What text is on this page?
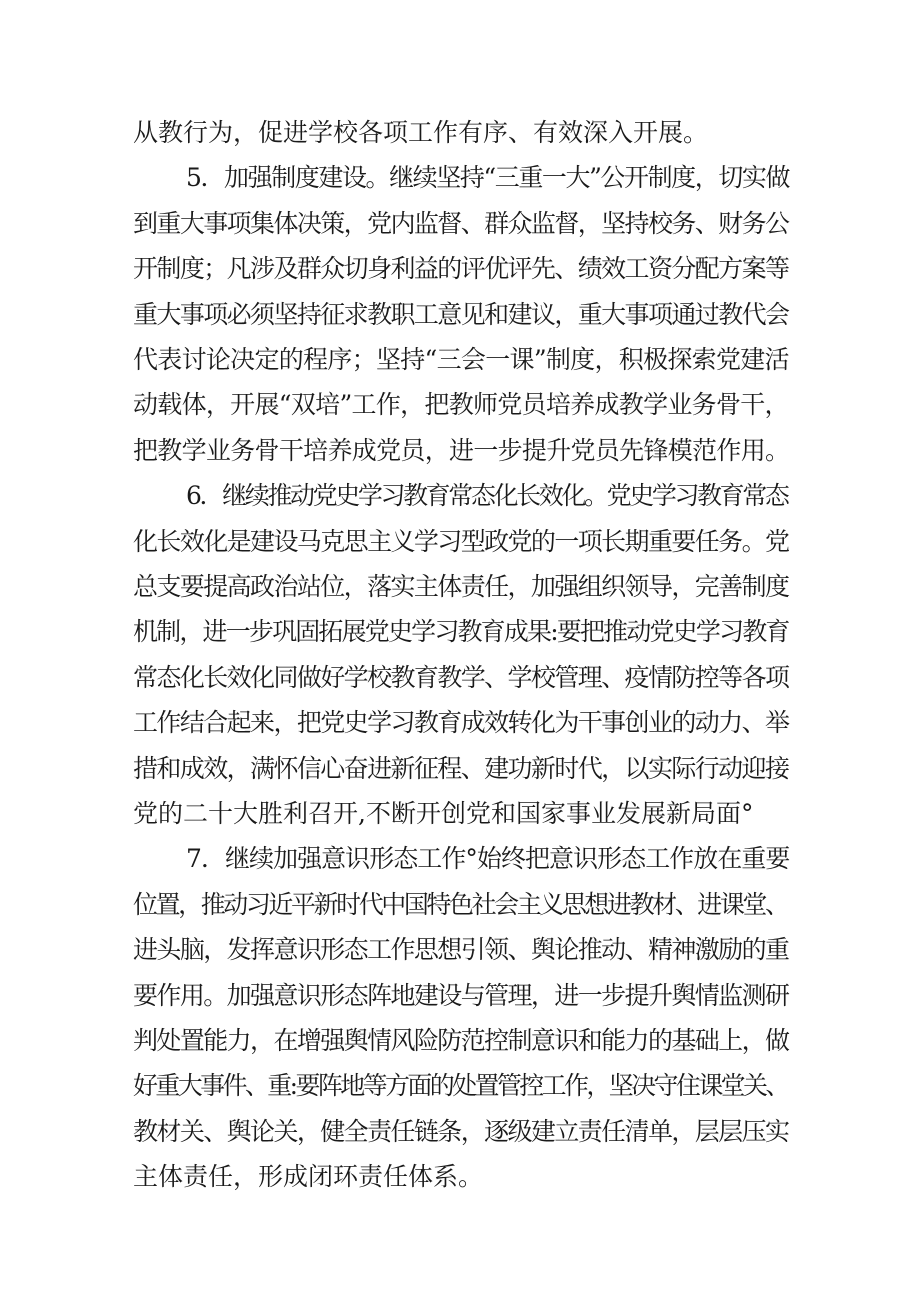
从教行为，促进学校各项工作有序、有效深入开展。

5．加强制度建设。继续坚持“三重一大”公开制度，切实做

到重大事项集体决策，党内监督、群众监督，坚持校务、财务公

开制度；凡涉及群众切身利益的评优评先、绩效工资分配方案等

重大事项必须坚持征求教职工意见和建议，重大事项通过教代会

代表讨论决定的程序；坚持“三会一课”制度，积极探索党建活

动载体，开展“双培”工作，把教师党员培养成教学业务骨干，

把教学业务骨干培养成党员，进一步提升党员先锋模范作用。

6．继续推动党史学习教育常态化长效化。党史学习教育常态

化长效化是建设马克思主义学习型政党的一项长期重要任务。党

总支要提高政治站位，落实主体责任，加强组织领导，完善制度

机制，进一步巩固拓展党史学习教育成果:要把推动党史学习教育

常态化长效化同做好学校教育教学、学校管理、疫情防控等各项

工作结合起来，把党史学习教育成效转化为干事创业的动力、举

措和成效，满怀信心奋进新征程、建功新时代，以实际行动迎接

党的二十大胜利召开,不断开创党和国家事业发展新局面°

7．继续加强意识形态工作°始终把意识形态工作放在重要

位置，推动习近平新时代中国特色社会主义思想进教材、进课堂、

进头脑，发挥意识形态工作思想引领、舆论推动、精神激励的重

要作用。加强意识形态阵地建设与管理，进一步提升舆情监测研

判处置能力，在增强舆情风险防范控制意识和能力的基础上，做

好重大事件、重:要阵地等方面的处置管控工作，坚决守住课堂关、

教材关、舆论关，健全责任链条，逐级建立责任清单，层层压实

主体责任，形成闭环责任体系。
